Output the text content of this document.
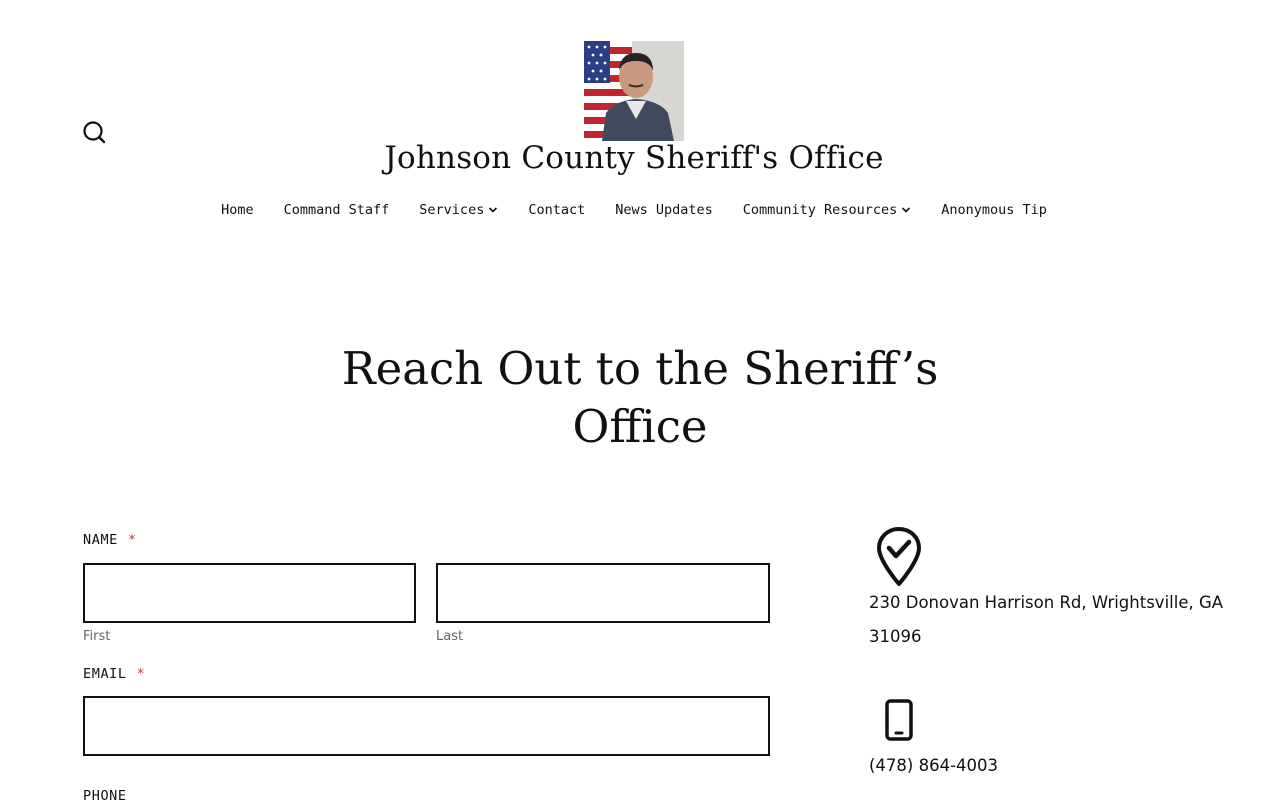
Johnson County Sheriff's Office
Home Command Staff Services	Contact News Updates Community Resources	Anonymous Tip
Reach Out to the Sheriff’s Office
NAME *
First	Last
EMAIL *
PHONE
230 Donovan Harrison Rd, Wrightsville, GA 31096
(478) 864-4003
